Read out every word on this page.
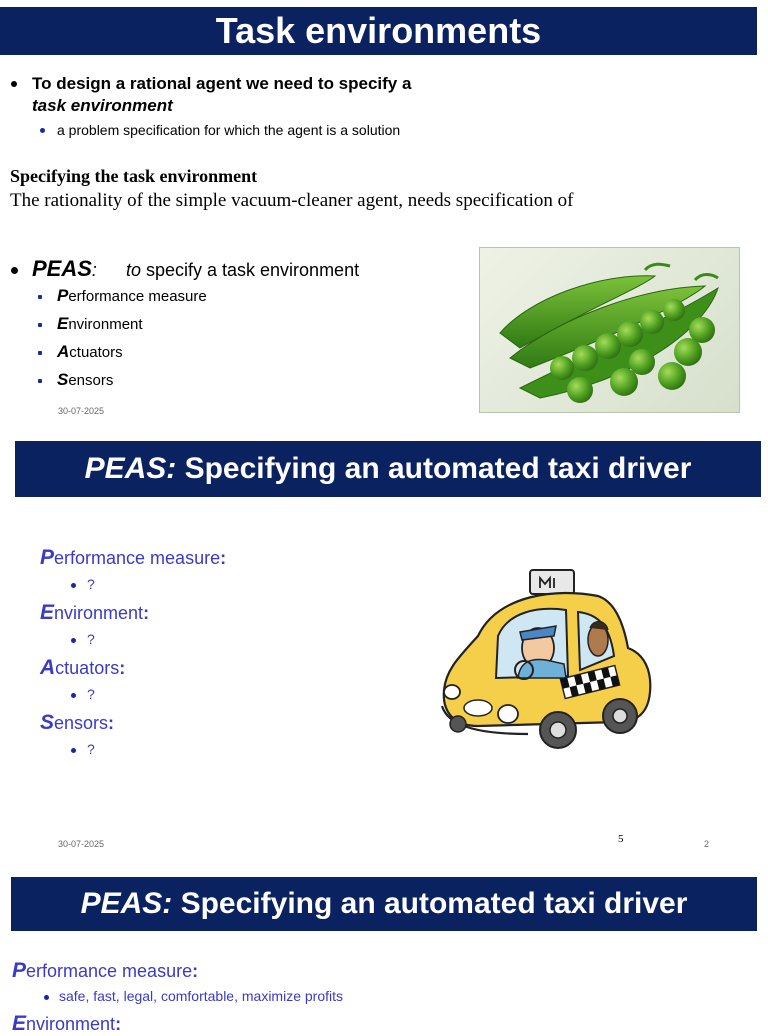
Task environments
To design a rational agent we need to specify a
task environment
a problem specification for which the agent is a solution
Specifying the task environment
The rationality of the simple vacuum-cleaner agent, needs specification of
PEAS: to specify a task environment
Performance measure
Environment
Actuators
Sensors
30-07-2025
PEAS: Specifying an automated taxi driver
Performance measure:
?
Environment:
?
Actuators:
?
Sensors:
?
30-07-2025	5	2
PEAS: Specifying an automated taxi driver
Performance measure:
safe, fast, legal, comfortable, maximize profits
Environment:
